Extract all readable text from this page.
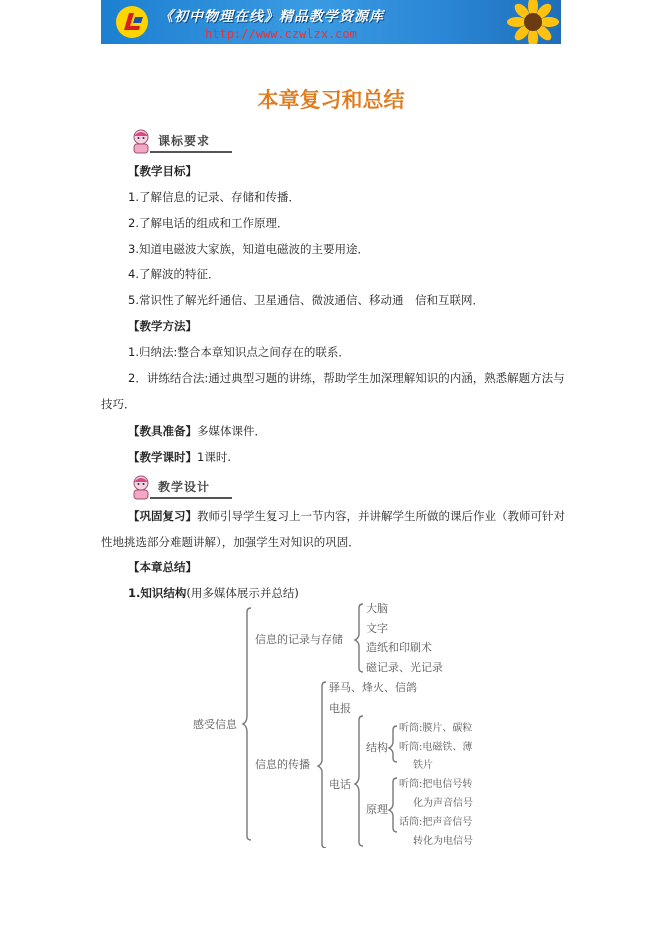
《初中物理在线》精品教学资源库
http://www.czwlzx.com
本章复习和总结
课标要求
【教学目标】
1.了解信息的记录、存储和传播．
2.了解电话的组成和工作原理．
3.知道电磁波大家族，知道电磁波的主要用途．
4.了解波的特征．
5.常识性了解光纤通信、卫星通信、微波通信、移动通　信和互联网．
【教学方法】
1.归纳法:整合本章知识点之间存在的联系．
2．讲练结合法:通过典型习题的讲练，帮助学生加深理解知识的内涵，熟悉解题方法与技巧．
【教具准备】多媒体课件．
【教学课时】1课时.
教学设计
【巩固复习】教师引导学生复习上一节内容，并讲解学生所做的课后作业（教师可针对性地挑选部分难题讲解），加强学生对知识的巩固．
【本章总结】
1.知识结构(用多媒体展示并总结)
感受信息
信息的记录与存储
大脑
文字
造纸和印刷术
磁记录、光记录
信息的传播
驿马、烽火、信鸽
电报
电话
结构
原理
听筒:膜片、碳粒
听筒:电磁铁、薄
铁片
听筒:把电信号转
化为声音信号
话筒:把声音信号
转化为电信号
